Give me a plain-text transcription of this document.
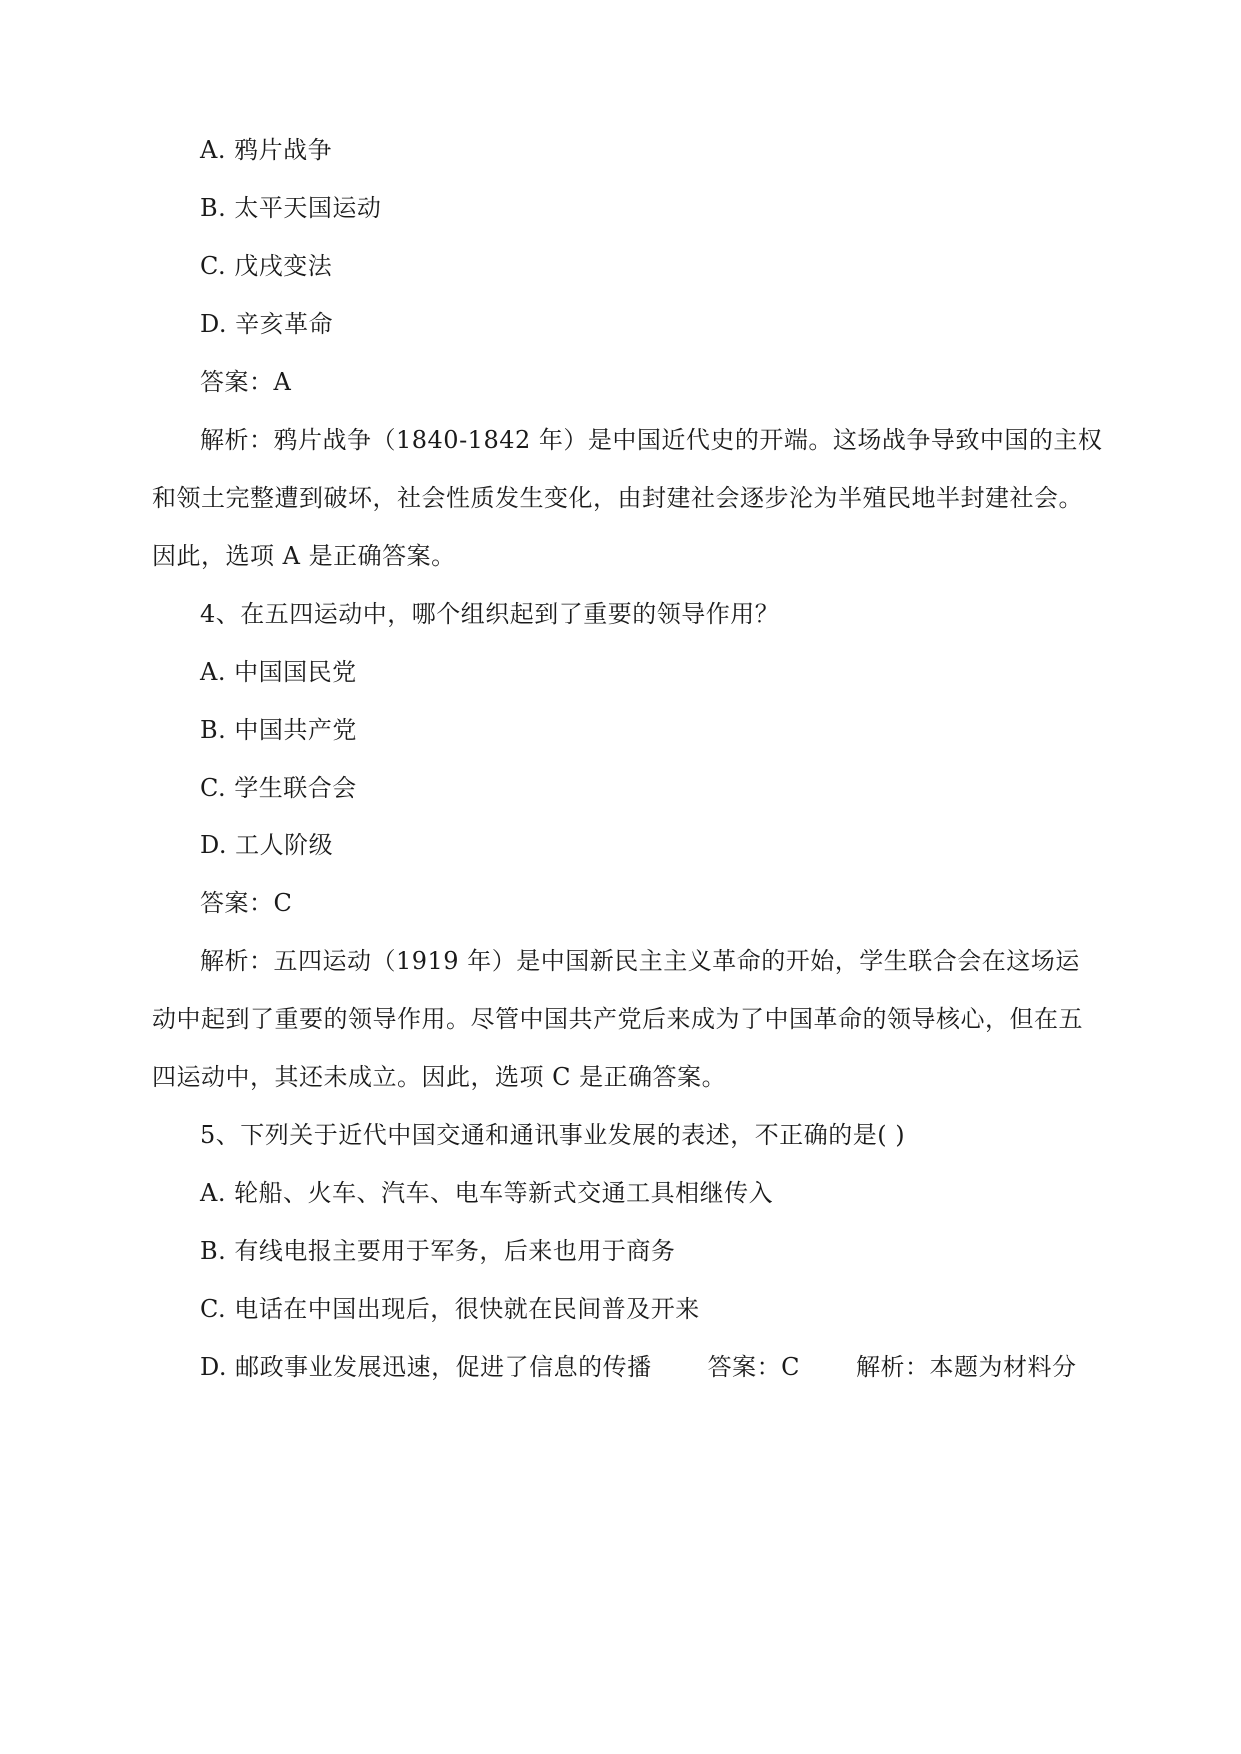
A. 鸦片战争
B. 太平天国运动
C. 戊戌变法
D. 辛亥革命
答案：A
解析：鸦片战争（1840-1842 年）是中国近代史的开端。这场战争导致中国的主权
和领土完整遭到破坏，社会性质发生变化，由封建社会逐步沦为半殖民地半封建社会。
因此，选项 A 是正确答案。
4、在五四运动中，哪个组织起到了重要的领导作用？
A. 中国国民党
B. 中国共产党
C. 学生联合会
D. 工人阶级
答案：C
解析：五四运动（1919 年）是中国新民主主义革命的开始，学生联合会在这场运
动中起到了重要的领导作用。尽管中国共产党后来成为了中国革命的领导核心，但在五
四运动中，其还未成立。因此，选项 C 是正确答案。
5、下列关于近代中国交通和通讯事业发展的表述，不正确的是( )
A. 轮船、火车、汽车、电车等新式交通工具相继传入
B. 有线电报主要用于军务，后来也用于商务
C. 电话在中国出现后，很快就在民间普及开来
D. 邮政事业发展迅速，促进了信息的传播 答案：C 解析：本题为材料分
